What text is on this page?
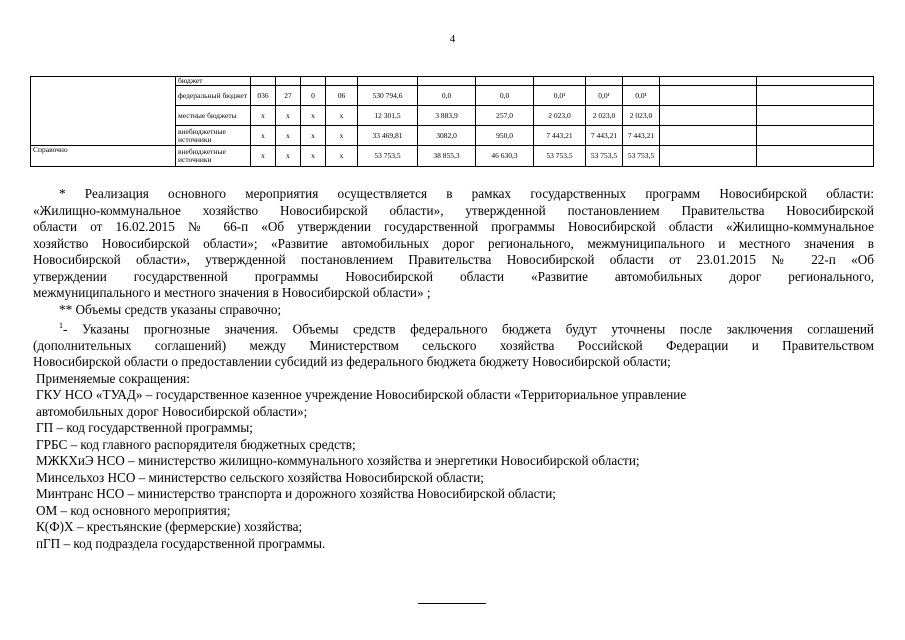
4
	бюджет												
	федеральный бюджет	036	27	0	06	530 794,6	0,0	0,0	0,0¹	0,0¹	0,0¹		
	местные бюджеты	x	x	x	x	12 301,5	3 883,9	257,0	2 023,0	2 023,0	2 023,0		
	внебюджетные источники	x	x	x	x	33 469,81	3082,0	950,0	7 443,21	7 443,21	7 443,21		
Справочно	внебюджетные источники	x	x	x	x	53 753,5	38 855,3	46 630,3	53 753,5	53 753,5	53 753,5		

* Реализация основного мероприятия осуществляется в рамках государственных программ Новосибирской области:

«Жилищно-коммунальное хозяйство Новосибирской области», утвержденной постановлением Правительства Новосибирской

области от 16.02.2015 № 66-п «Об утверждении государственной программы Новосибирской области «Жилищно-коммунальное

хозяйство Новосибирской области»; «Развитие автомобильных дорог регионального, межмуниципального и местного значения в

Новосибирской области», утвержденной постановлением Правительства Новосибирской области от 23.01.2015 № 22-п «Об

утверждении государственной программы Новосибирской области «Развитие автомобильных дорог регионального,

межмуниципального и местного значения в Новосибирской области» ;

** Объемы средств указаны справочно;

$^1$- Указаны прогнозные значения. Объемы средств федерального бюджета будут уточнены после заключения соглашений

(дополнительных соглашений) между Министерством сельского хозяйства Российской Федерации и Правительством

Новосибирской области о предоставлении субсидий из федерального бюджета бюджету Новосибирской области;

Применяемые сокращения:

ГКУ НСО «ТУАД» – государственное казенное учреждение Новосибирской области «Территориальное управление

автомобильных дорог Новосибирской области»;

ГП – код государственной программы;

ГРБС – код главного распорядителя бюджетных средств;

МЖКХиЭ НСО – министерство жилищно-коммунального хозяйства и энергетики Новосибирской области;

Минсельхоз НСО – министерство сельского хозяйства Новосибирской области;

Минтранс НСО – министерство транспорта и дорожного хозяйства Новосибирской области;

ОМ – код основного мероприятия;

К(Ф)Х – крестьянские (фермерские) хозяйства;

пГП – код подраздела государственной программы.
